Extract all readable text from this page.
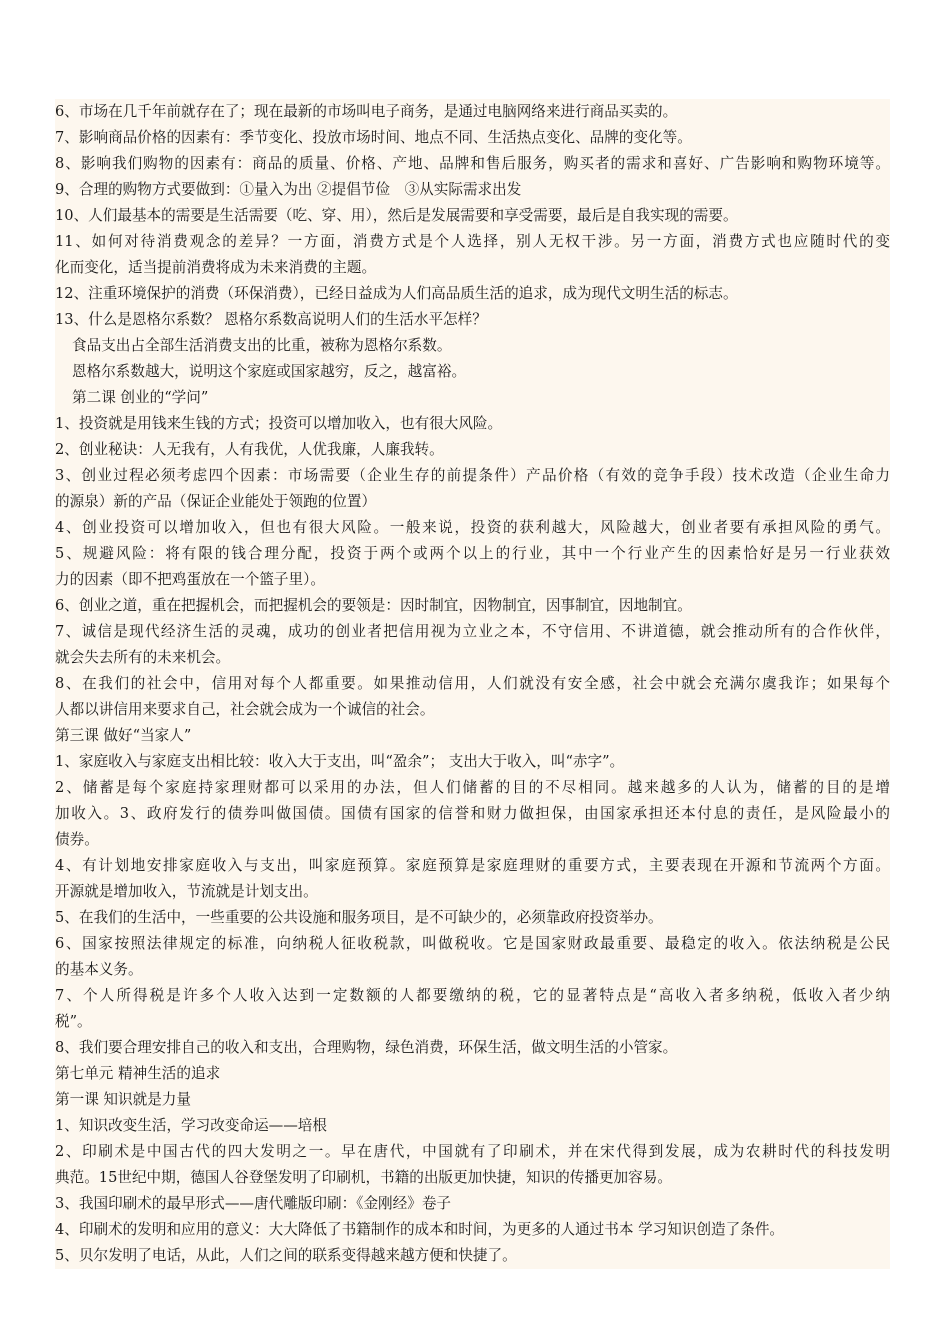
6、市场在几千年前就存在了；现在最新的市场叫电子商务，是通过电脑网络来进行商品买卖的。
7、影响商品价格的因素有：季节变化、投放市场时间、地点不同、生活热点变化、品牌的变化等。
8、影响我们购物的因素有：商品的质量、价格、产地、品牌和售后服务，购买者的需求和喜好、广告影响和购物环境等。
9、合理的购物方式要做到：①量入为出 ②提倡节俭　③从实际需求出发
10、人们最基本的需要是生活需要（吃、穿、用），然后是发展需要和享受需要，最后是自我实现的需要。
11、如何对待消费观念的差异？一方面，消费方式是个人选择，别人无权干涉。另一方面，消费方式也应随时代的变
化而变化，适当提前消费将成为未来消费的主题。
12、注重环境保护的消费（环保消费），已经日益成为人们高品质生活的追求，成为现代文明生活的标志。
13、什么是恩格尔系数？ 恩格尔系数高说明人们的生活水平怎样？
食品支出占全部生活消费支出的比重，被称为恩格尔系数。
恩格尔系数越大，说明这个家庭或国家越穷，反之，越富裕。
第二课 创业的“学问”
1、投资就是用钱来生钱的方式；投资可以增加收入，也有很大风险。
2、创业秘诀：人无我有，人有我优，人优我廉，人廉我转。
3、创业过程必须考虑四个因素：市场需要（企业生存的前提条件）产品价格（有效的竞争手段）技术改造（企业生命力
的源泉）新的产品（保证企业能处于领跑的位置）
4、创业投资可以增加收入，但也有很大风险。一般来说，投资的获利越大，风险越大，创业者要有承担风险的勇气。
5、规避风险：将有限的钱合理分配，投资于两个或两个以上的行业，其中一个行业产生的因素恰好是另一行业获效
力的因素（即不把鸡蛋放在一个篮子里）。
6、创业之道，重在把握机会，而把握机会的要领是：因时制宜，因物制宜，因事制宜，因地制宜。
7、诚信是现代经济生活的灵魂，成功的创业者把信用视为立业之本，不守信用、不讲道德，就会推动所有的合作伙伴，
就会失去所有的未来机会。
8、在我们的社会中，信用对每个人都重要。如果推动信用，人们就没有安全感，社会中就会充满尔虞我诈；如果每个
人都以讲信用来要求自己，社会就会成为一个诚信的社会。
第三课 做好“当家人”
1、家庭收入与家庭支出相比较：收入大于支出，叫“盈余”； 支出大于收入，叫“赤字”。
2、储蓄是每个家庭持家理财都可以采用的办法，但人们储蓄的目的不尽相同。越来越多的人认为，储蓄的目的是增
加收入。3、政府发行的债券叫做国债。国债有国家的信誉和财力做担保，由国家承担还本付息的责任，是风险最小的
债券。
4、有计划地安排家庭收入与支出，叫家庭预算。家庭预算是家庭理财的重要方式，主要表现在开源和节流两个方面。
开源就是增加收入，节流就是计划支出。
5、在我们的生活中，一些重要的公共设施和服务项目，是不可缺少的，必须靠政府投资举办。
6、国家按照法律规定的标准，向纳税人征收税款，叫做税收。它是国家财政最重要、最稳定的收入。依法纳税是公民
的基本义务。
7、个人所得税是许多个人收入达到一定数额的人都要缴纳的税，它的显著特点是“高收入者多纳税，低收入者少纳
税”。
8、我们要合理安排自己的收入和支出，合理购物，绿色消费，环保生活，做文明生活的小管家。
第七单元 精神生活的追求
第一课 知识就是力量
1、知识改变生活，学习改变命运——培根
2、印刷术是中国古代的四大发明之一。早在唐代，中国就有了印刷术，并在宋代得到发展，成为农耕时代的科技发明
典范。15世纪中期，德国人谷登堡发明了印刷机，书籍的出版更加快捷，知识的传播更加容易。
3、我国印刷术的最早形式——唐代雕版印刷：《金刚经》卷子
4、印刷术的发明和应用的意义：大大降低了书籍制作的成本和时间，为更多的人通过书本 学习知识创造了条件。
5、贝尔发明了电话，从此，人们之间的联系变得越来越方便和快捷了。
